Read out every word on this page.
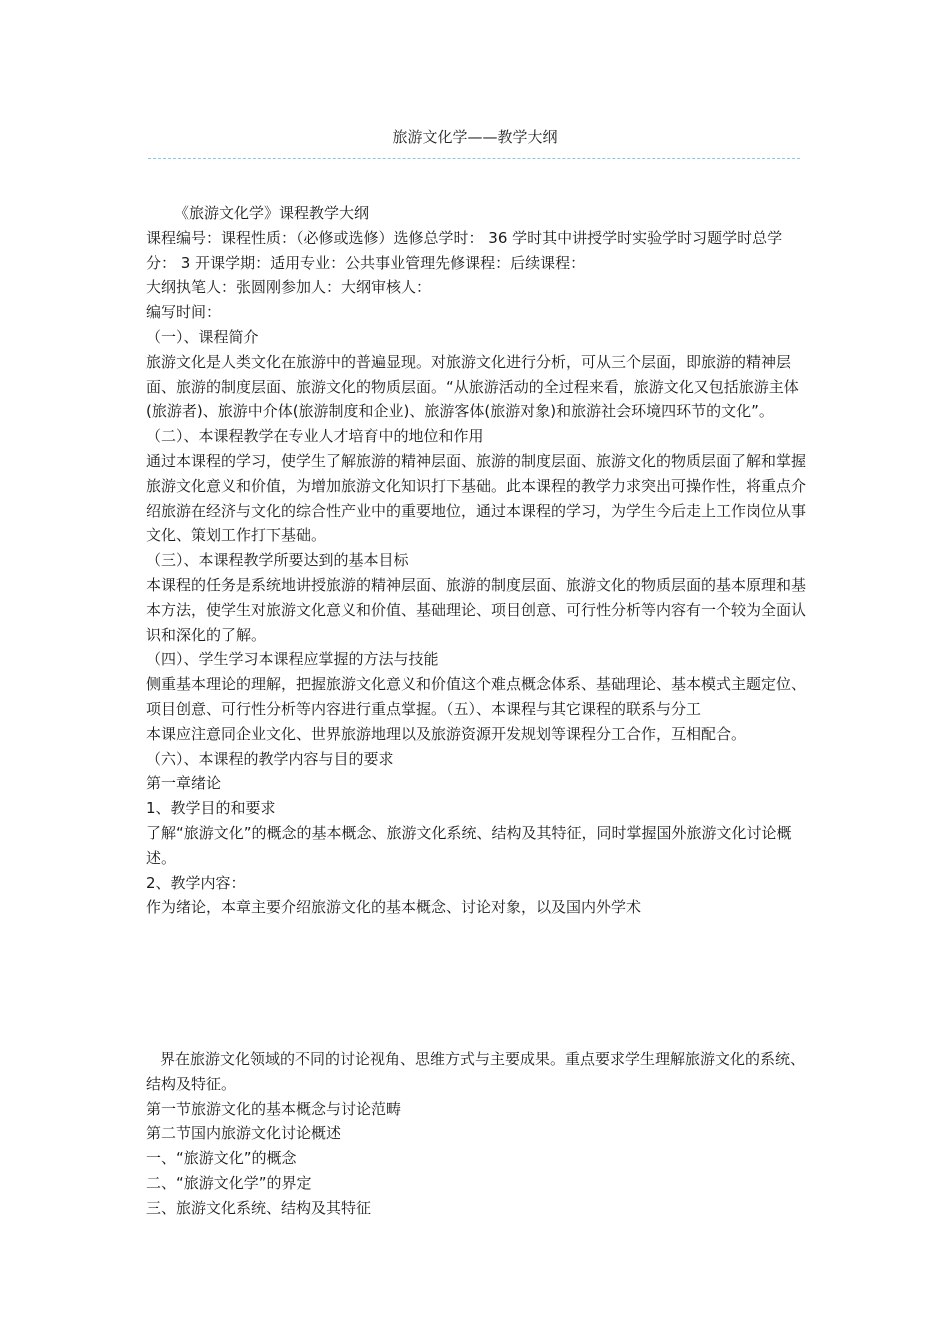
旅游文化学——教学大纲

《旅游文化学》课程教学大纲

课程编号：课程性质：（必修或选修）选修总学时： 36 学时其中讲授学时实验学时习题学时总学分： 3 开课学期：适用专业：公共事业管理先修课程：后续课程：

大纲执笔人：张圆刚参加人：大纲审核人：

编写时间：

（一）、课程简介

旅游文化是人类文化在旅游中的普遍显现。对旅游文化进行分析，可从三个层面，即旅游的精神层面、旅游的制度层面、旅游文化的物质层面。“从旅游活动的全过程来看，旅游文化又包括旅游主体(旅游者)、旅游中介体(旅游制度和企业)、旅游客体(旅游对象)和旅游社会环境四环节的文化”。

（二）、本课程教学在专业人才培育中的地位和作用

通过本课程的学习，使学生了解旅游的精神层面、旅游的制度层面、旅游文化的物质层面了解和掌握旅游文化意义和价值，为增加旅游文化知识打下基础。此本课程的教学力求突出可操作性，将重点介绍旅游在经济与文化的综合性产业中的重要地位，通过本课程的学习，为学生今后走上工作岗位从事文化、策划工作打下基础。

（三）、本课程教学所要达到的基本目标

本课程的任务是系统地讲授旅游的精神层面、旅游的制度层面、旅游文化的物质层面的基本原理和基本方法，使学生对旅游文化意义和价值、基础理论、项目创意、可行性分析等内容有一个较为全面认识和深化的了解。

（四）、学生学习本课程应掌握的方法与技能

侧重基本理论的理解，把握旅游文化意义和价值这个难点概念体系、基础理论、基本模式主题定位、项目创意、可行性分析等内容进行重点掌握。（五）、本课程与其它课程的联系与分工

本课应注意同企业文化、世界旅游地理以及旅游资源开发规划等课程分工合作，互相配合。

（六）、本课程的教学内容与目的要求

第一章绪论

1、教学目的和要求

了解“旅游文化”的概念的基本概念、旅游文化系统、结构及其特征，同时掌握国外旅游文化讨论概述。

2、教学内容：

作为绪论，本章主要介绍旅游文化的基本概念、讨论对象，以及国内外学术

界在旅游文化领域的不同的讨论视角、思维方式与主要成果。重点要求学生理解旅游文化的系统、结构及特征。

第一节旅游文化的基本概念与讨论范畴

第二节国内旅游文化讨论概述

一、“旅游文化”的概念

二、“旅游文化学”的界定

三、旅游文化系统、结构及其特征
